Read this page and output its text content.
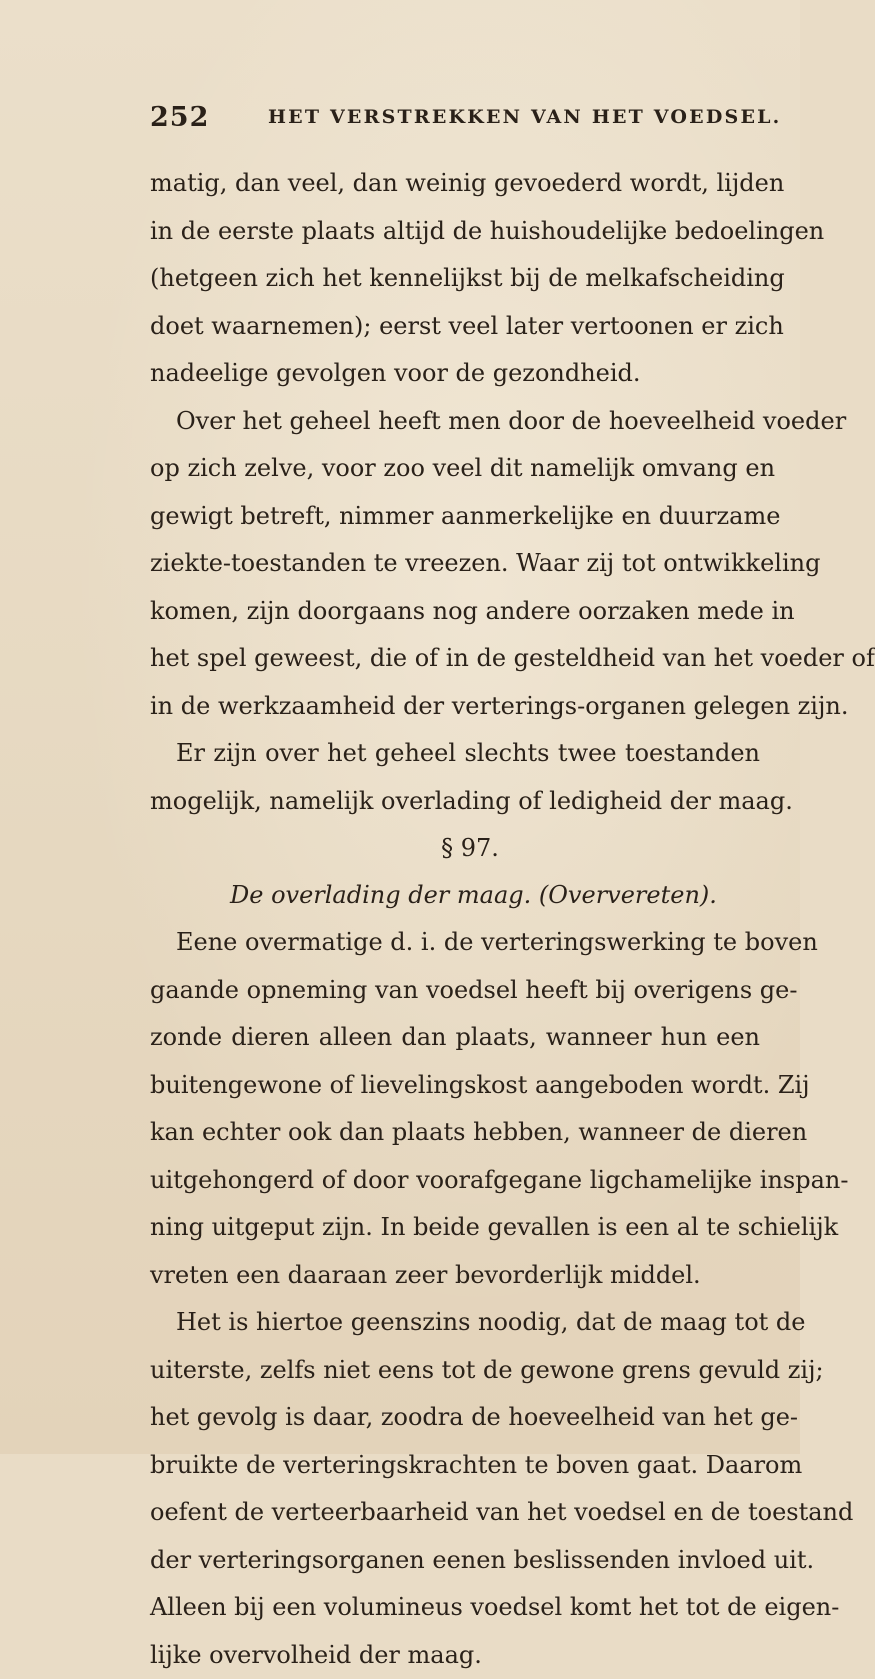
252	HET VERSTREKKEN VAN HET VOEDSEL.
matig, dan veel, dan weinig gevoederd wordt, lijden
in de eerste plaats altijd de huishoudelijke bedoelingen
(hetgeen zich het kennelijkst bij de melkafscheiding
doet waarnemen); eerst veel later vertoonen er zich
nadeelige gevolgen voor de gezondheid.
Over het geheel heeft men door de hoeveelheid voeder
op zich zelve, voor zoo veel dit namelijk omvang en
gewigt betreft, nimmer aanmerkelijke en duurzame
ziekte-toestanden te vreezen. Waar zij tot ontwikkeling
komen, zijn doorgaans nog andere oorzaken mede in
het spel geweest, die of in de gesteldheid van het voeder of
in de werkzaamheid der verterings-organen gelegen zijn.
Er zijn over het geheel slechts twee toestanden
mogelijk, namelijk overlading of ledigheid der maag.
§ 97.
De overlading der maag. (Oververeten).
Eene overmatige d. i. de verteringswerking te boven
gaande opneming van voedsel heeft bij overigens ge-
zonde dieren alleen dan plaats, wanneer hun een
buitengewone of lievelingskost aangeboden wordt. Zij
kan echter ook dan plaats hebben, wanneer de dieren
uitgehongerd of door voorafgegane ligchamelijke inspan-
ning uitgeput zijn. In beide gevallen is een al te schielijk
vreten een daaraan zeer bevorderlijk middel.
Het is hiertoe geenszins noodig, dat de maag tot de
uiterste, zelfs niet eens tot de gewone grens gevuld zij;
het gevolg is daar, zoodra de hoeveelheid van het ge-
bruikte de verteringskrachten te boven gaat. Daarom
oefent de verteerbaarheid van het voedsel en de toestand
der verteringsorganen eenen beslissenden invloed uit.
Alleen bij een volumineus voedsel komt het tot de eigen-
lijke overvolheid der maag.
